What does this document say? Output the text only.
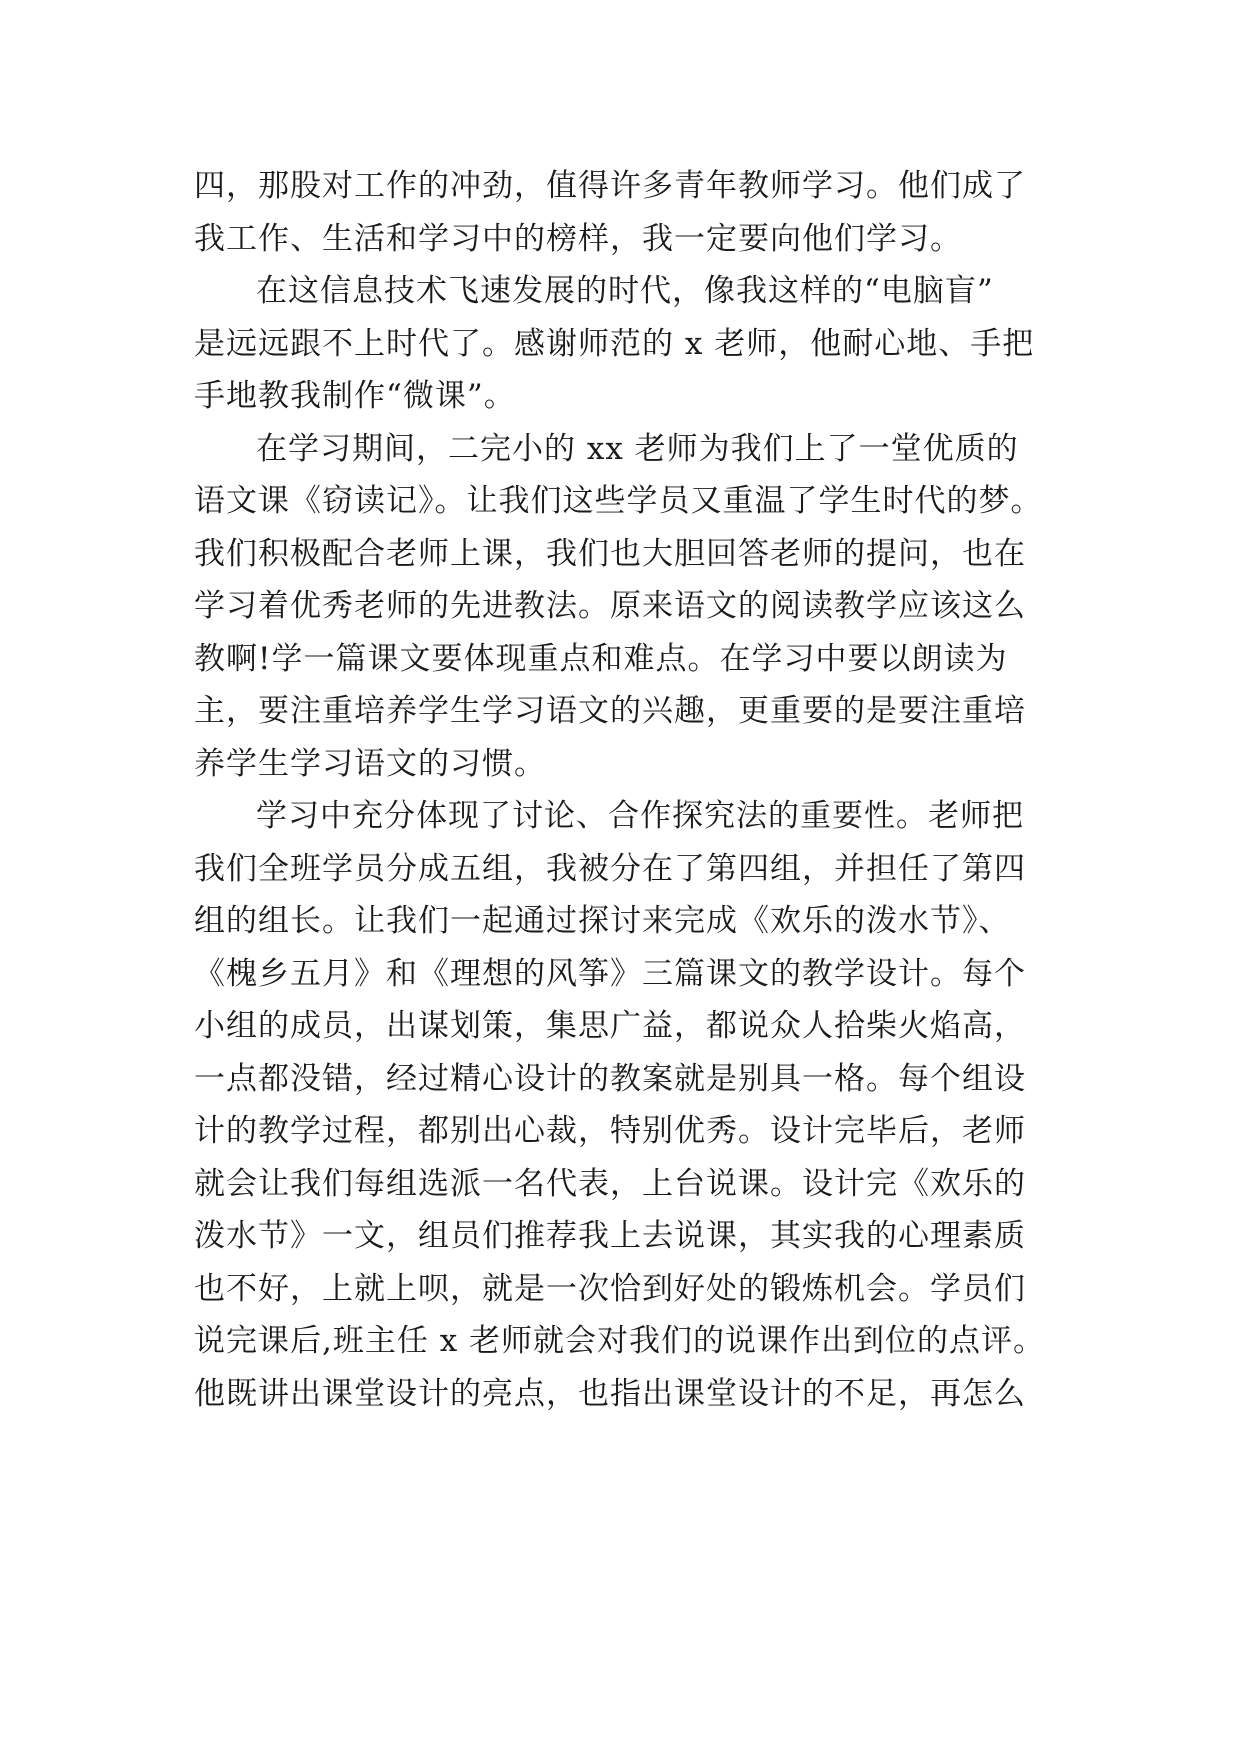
四，那股对工作的冲劲，值得许多青年教师学习。他们成了
我工作、生活和学习中的榜样，我一定要向他们学习。
在这信息技术飞速发展的时代，像我这样的“电脑盲”
是远远跟不上时代了。感谢师范的 x 老师，他耐心地、手把
手地教我制作“微课”。
在学习期间，二完小的 xx 老师为我们上了一堂优质的
语文课《窃读记》。让我们这些学员又重温了学生时代的梦。
我们积极配合老师上课，我们也大胆回答老师的提问，也在
学习着优秀老师的先进教法。原来语文的阅读教学应该这么
教啊!学一篇课文要体现重点和难点。在学习中要以朗读为
主，要注重培养学生学习语文的兴趣，更重要的是要注重培
养学生学习语文的习惯。
学习中充分体现了讨论、合作探究法的重要性。老师把
我们全班学员分成五组，我被分在了第四组，并担任了第四
组的组长。让我们一起通过探讨来完成《欢乐的泼水节》、
《槐乡五月》和《理想的风筝》三篇课文的教学设计。每个
小组的成员，出谋划策，集思广益，都说众人拾柴火焰高，
一点都没错，经过精心设计的教案就是别具一格。每个组设
计的教学过程，都别出心裁，特别优秀。设计完毕后，老师
就会让我们每组选派一名代表，上台说课。设计完《欢乐的
泼水节》一文，组员们推荐我上去说课，其实我的心理素质
也不好，上就上呗，就是一次恰到好处的锻炼机会。学员们
说完课后,班主任 x 老师就会对我们的说课作出到位的点评。
他既讲出课堂设计的亮点，也指出课堂设计的不足，再怎么
